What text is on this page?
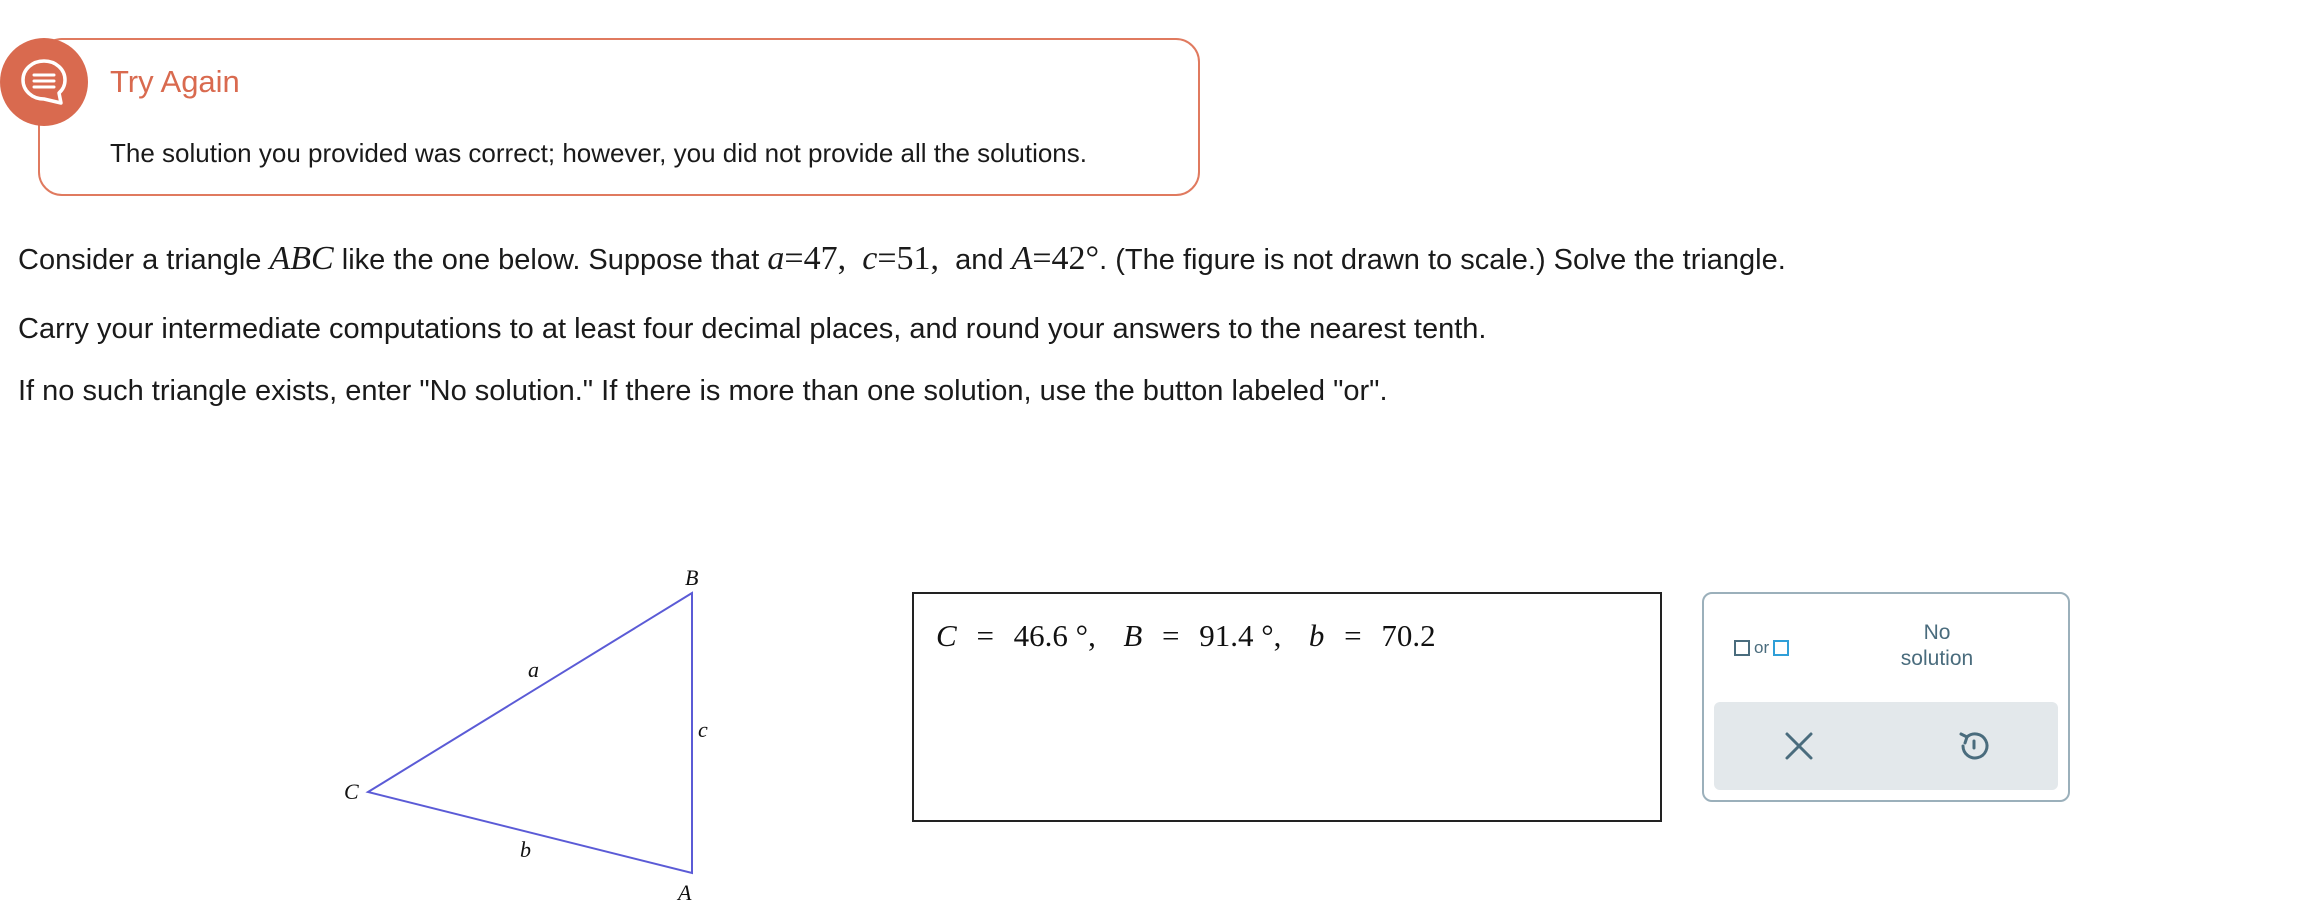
Try Again
The solution you provided was correct; however, you did not provide all the solutions.
Consider a triangle ABC like the one below. Suppose that a=47, c=51, and A=42°. (The figure is not drawn to scale.) Solve the triangle.
Carry your intermediate computations to at least four decimal places, and round your answers to the nearest tenth.
If no such triangle exists, enter "No solution." If there is more than one solution, use the button labeled "or".
B
C
A
a
b
c
C = 46.6 °, B = 91.4 °, b = 70.2	or
No
solution
